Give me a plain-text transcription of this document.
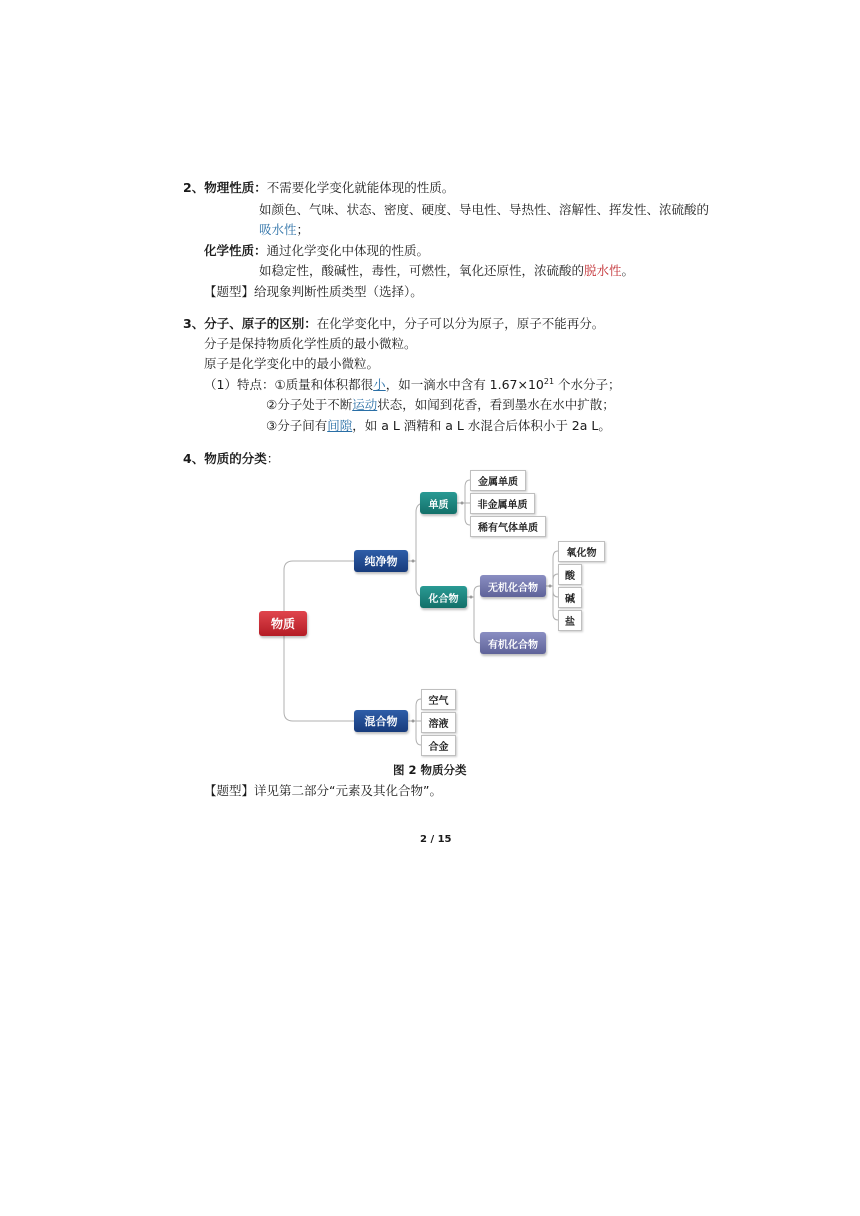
2、物理性质：不需要化学变化就能体现的性质。
如颜色、气味、状态、密度、硬度、导电性、导热性、溶解性、挥发性、浓硫酸的
吸水性；
化学性质：通过化学变化中体现的性质。
如稳定性，酸碱性，毒性，可燃性，氧化还原性，浓硫酸的脱水性。
【题型】给现象判断性质类型（选择）。
3、分子、原子的区别：在化学变化中，分子可以分为原子，原子不能再分。
分子是保持物质化学性质的最小微粒。
原子是化学变化中的最小微粒。
（1）特点：①质量和体积都很小，如一滴水中含有 $1.67\times 10^{21}$ 个水分子；
②分子处于不断运动状态，如闻到花香，看到墨水在水中扩散；
③分子间有间隙，如 a L 酒精和 a L 水混合后体积小于 2a L。
4、物质的分类：
物质
纯净物
混合物
单质
化合物
无机化合物
有机化合物
金属单质
非金属单质
稀有气体单质
氧化物
酸
碱
盐
空气
溶液
合金
图 2 物质分类
【题型】详见第二部分“元素及其化合物”。
2 / 15
